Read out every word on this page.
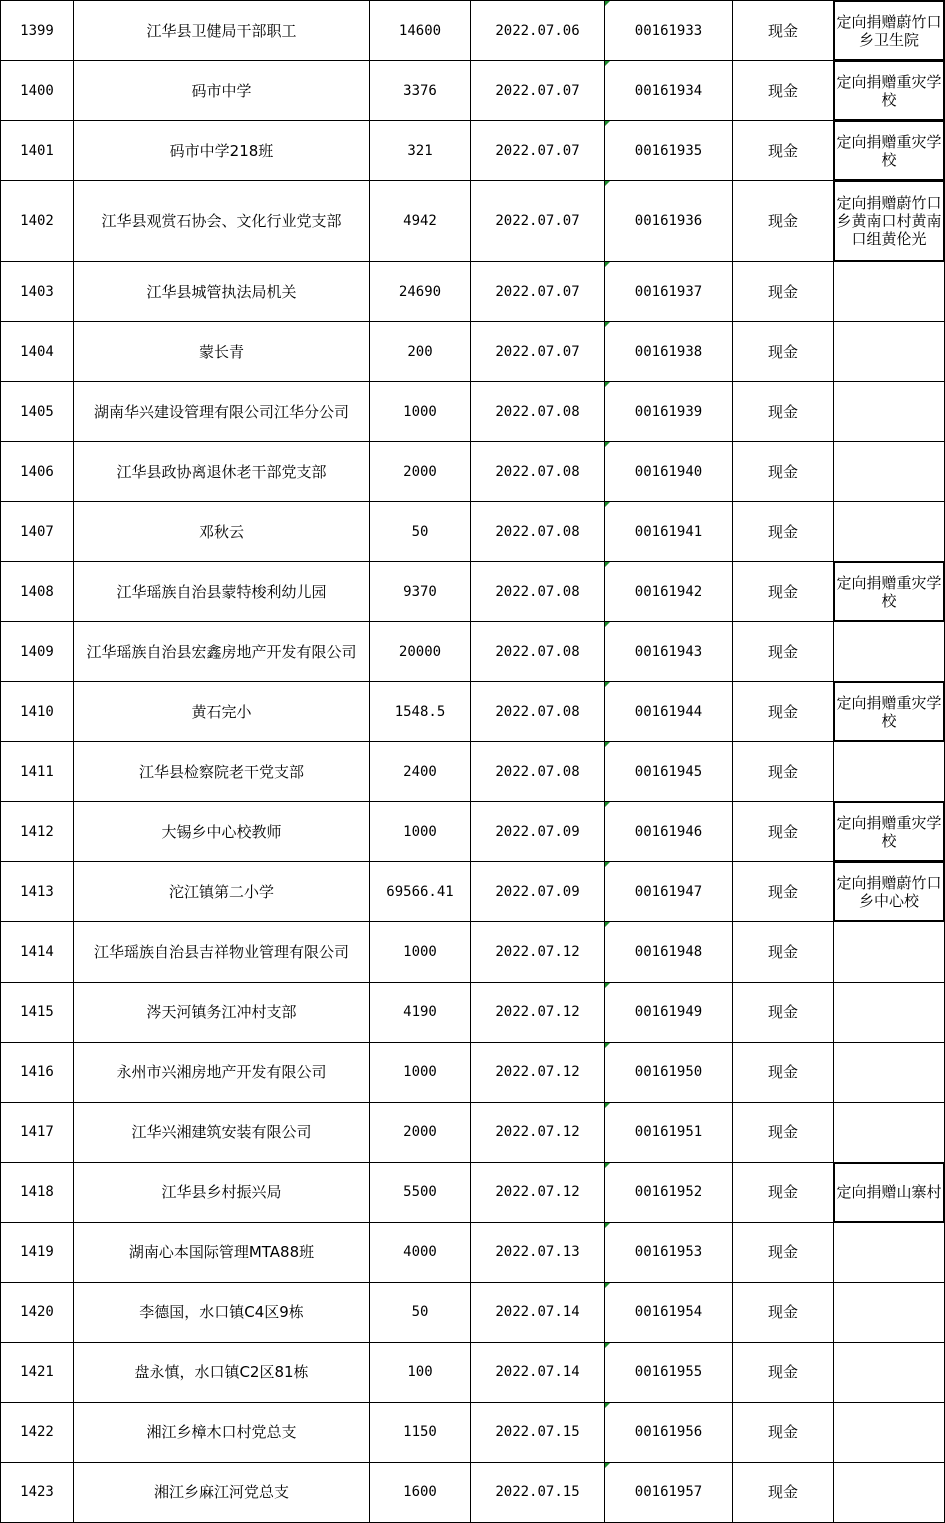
1399	江华县卫健局干部职工	14600	2022.07.06	00161933	现金	定向捐赠蔚竹口乡卫生院
1400	码市中学	3376	2022.07.07	00161934	现金	定向捐赠重灾学校
1401	码市中学218班	321	2022.07.07	00161935	现金	定向捐赠重灾学校
1402	江华县观赏石协会、文化行业党支部	4942	2022.07.07	00161936	现金	定向捐赠蔚竹口乡黄南口村黄南口组黄伦光
1403	江华县城管执法局机关	24690	2022.07.07	00161937	现金	
1404	蒙长青	200	2022.07.07	00161938	现金	
1405	湖南华兴建设管理有限公司江华分公司	1000	2022.07.08	00161939	现金	
1406	江华县政协离退休老干部党支部	2000	2022.07.08	00161940	现金	
1407	邓秋云	50	2022.07.08	00161941	现金	
1408	江华瑶族自治县蒙特梭利幼儿园	9370	2022.07.08	00161942	现金	定向捐赠重灾学校
1409	江华瑶族自治县宏鑫房地产开发有限公司	20000	2022.07.08	00161943	现金	
1410	黄石完小	1548.5	2022.07.08	00161944	现金	定向捐赠重灾学校
1411	江华县检察院老干党支部	2400	2022.07.08	00161945	现金	
1412	大锡乡中心校教师	1000	2022.07.09	00161946	现金	定向捐赠重灾学校
1413	沱江镇第二小学	69566.41	2022.07.09	00161947	现金	定向捐赠蔚竹口乡中心校
1414	江华瑶族自治县吉祥物业管理有限公司	1000	2022.07.12	00161948	现金	
1415	涔天河镇务江冲村支部	4190	2022.07.12	00161949	现金	
1416	永州市兴湘房地产开发有限公司	1000	2022.07.12	00161950	现金	
1417	江华兴湘建筑安装有限公司	2000	2022.07.12	00161951	现金	
1418	江华县乡村振兴局	5500	2022.07.12	00161952	现金	定向捐赠山寨村
1419	湖南心本国际管理MTA88班	4000	2022.07.13	00161953	现金	
1420	李德国，水口镇C4区9栋	50	2022.07.14	00161954	现金	
1421	盘永慎，水口镇C2区81栋	100	2022.07.14	00161955	现金	
1422	湘江乡樟木口村党总支	1150	2022.07.15	00161956	现金	
1423	湘江乡麻江河党总支	1600	2022.07.15	00161957	现金	
